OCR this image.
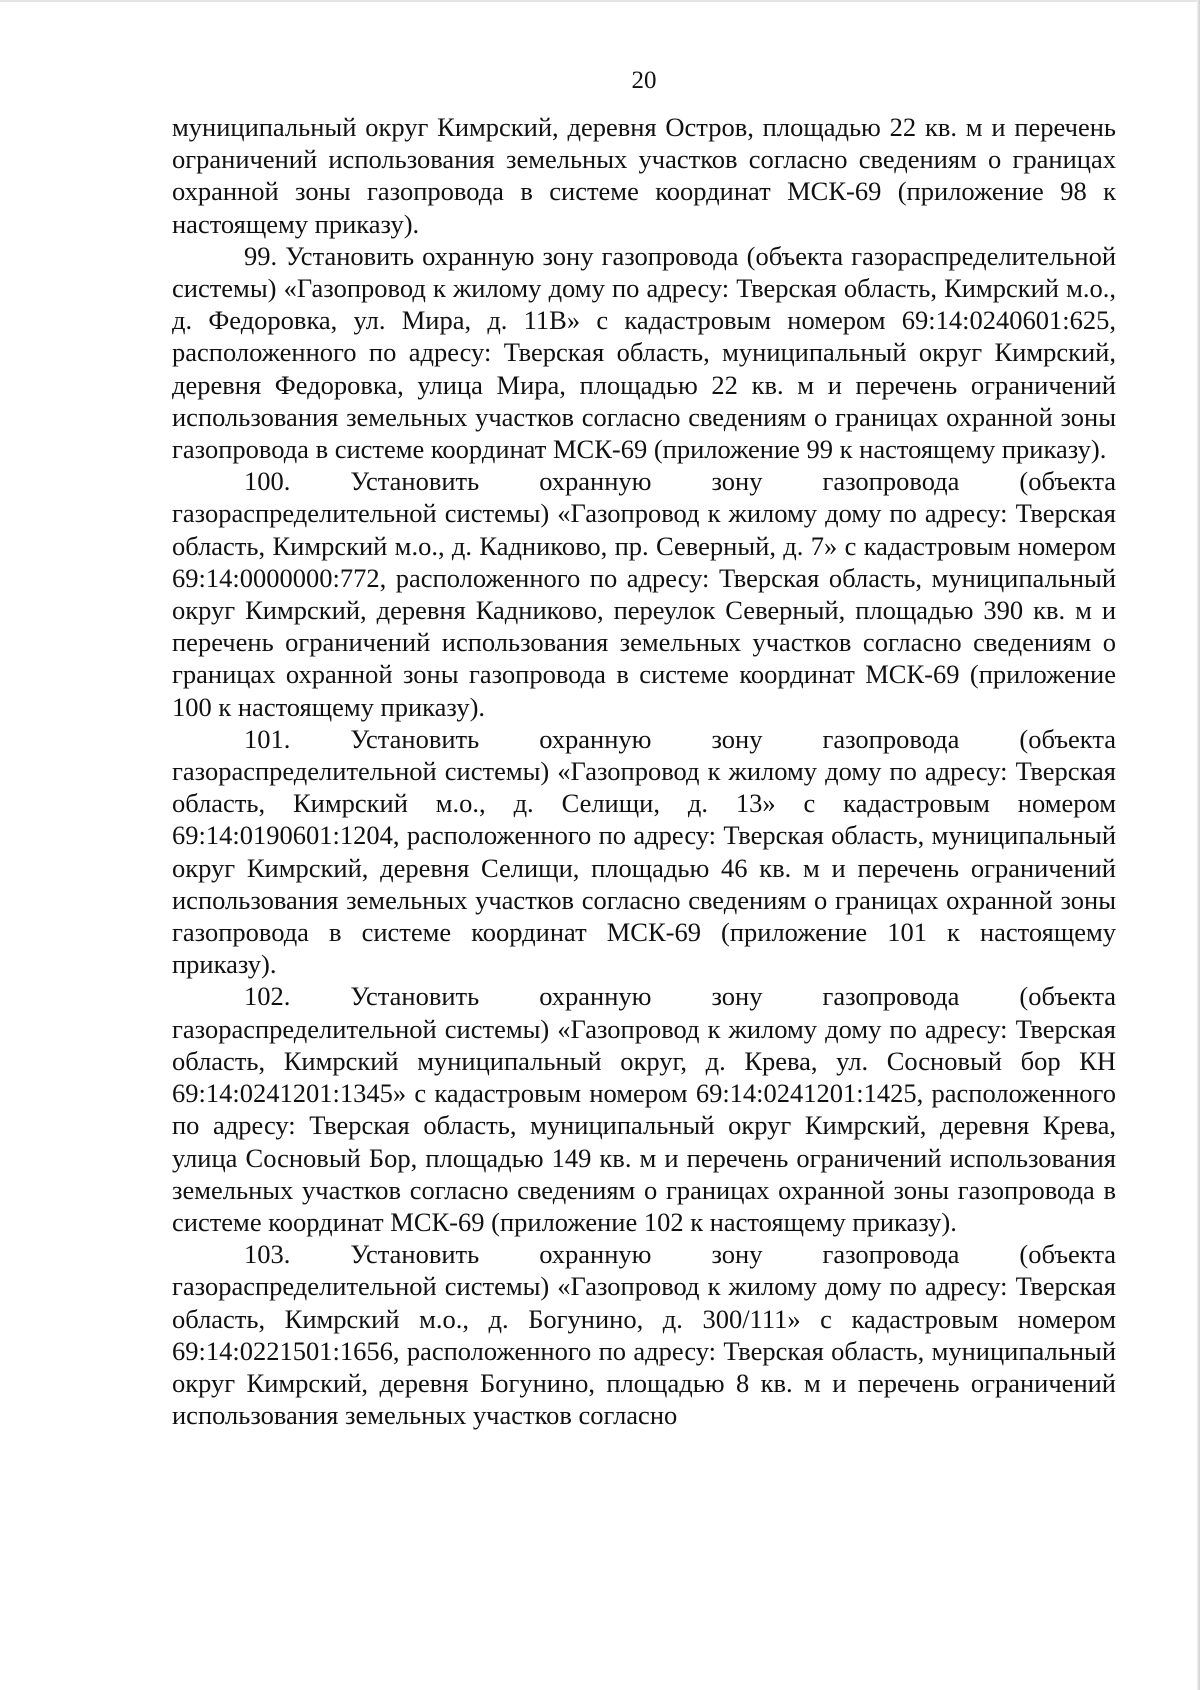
20

муниципальный округ Кимрский, деревня Остров, площадью 22 кв. м и перечень ограничений использования земельных участков согласно сведениям о границах охранной зоны газопровода в системе координат МСК-69 (приложение 98 к настоящему приказу).

99. Установить охранную зону газопровода (объекта газораспределительной системы) «Газопровод к жилому дому по адресу: Тверская область, Кимрский м.о., д. Федоровка, ул. Мира, д. 11В» с кадастровым номером 69:14:0240601:625, расположенного по адресу: Тверская область, муниципальный округ Кимрский, деревня Федоровка, улица Мира, площадью 22 кв. м и перечень ограничений использования земельных участков согласно сведениям о границах охранной зоны газопровода в системе координат МСК-69 (приложение 99 к настоящему приказу).

100. Установить охранную зону газопровода (объекта газораспределительной системы) «Газопровод к жилому дому по адресу: Тверская область, Кимрский м.о., д. Кадниково, пр. Северный, д. 7» с кадастровым номером 69:14:0000000:772, расположенного по адресу: Тверская область, муниципальный округ Кимрский, деревня Кадниково, переулок Северный, площадью 390 кв. м и перечень ограничений использования земельных участков согласно сведениям о границах охранной зоны газопровода в системе координат МСК-69 (приложение 100 к настоящему приказу).

101. Установить охранную зону газопровода (объекта газораспределительной системы) «Газопровод к жилому дому по адресу: Тверская область, Кимрский м.о., д. Селищи, д. 13» с кадастровым номером 69:14:0190601:1204, расположенного по адресу: Тверская область, муниципальный округ Кимрский, деревня Селищи, площадью 46 кв. м и перечень ограничений использования земельных участков согласно сведениям о границах охранной зоны газопровода в системе координат МСК-69 (приложение 101 к настоящему приказу).

102. Установить охранную зону газопровода (объекта газораспределительной системы) «Газопровод к жилому дому по адресу: Тверская область, Кимрский муниципальный округ, д. Крева, ул. Сосновый бор КН 69:14:0241201:1345» с кадастровым номером 69:14:0241201:1425, расположенного по адресу: Тверская область, муниципальный округ Кимрский, деревня Крева, улица Сосновый Бор, площадью 149 кв. м и перечень ограничений использования земельных участков согласно сведениям о границах охранной зоны газопровода в системе координат МСК-69 (приложение 102 к настоящему приказу).

103. Установить охранную зону газопровода (объекта газораспределительной системы) «Газопровод к жилому дому по адресу: Тверская область, Кимрский м.о., д. Богунино, д. 300/111» с кадастровым номером 69:14:0221501:1656, расположенного по адресу: Тверская область, муниципальный округ Кимрский, деревня Богунино, площадью 8 кв. м и перечень ограничений использования земельных участков согласно
